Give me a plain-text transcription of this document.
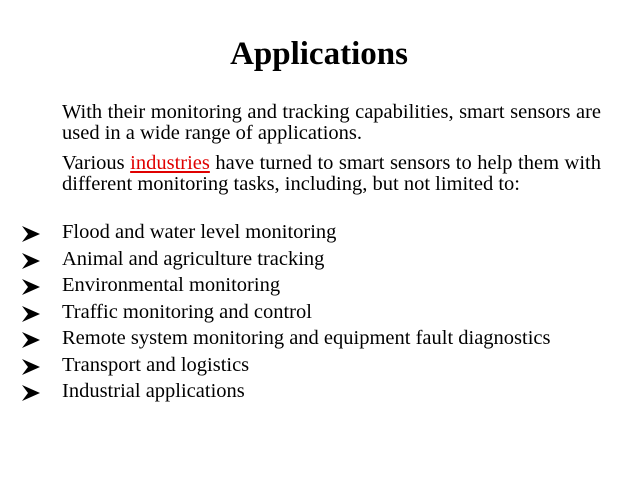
Applications
With their monitoring and tracking capabilities, smart sensors are used in a wide range of applications.
Various industries have turned to smart sensors to help them with different monitoring tasks, including, but not limited to:
Flood and water level monitoring
Animal and agriculture tracking
Environmental monitoring
Traffic monitoring and control
Remote system monitoring and equipment fault diagnostics
Transport and logistics
Industrial applications
